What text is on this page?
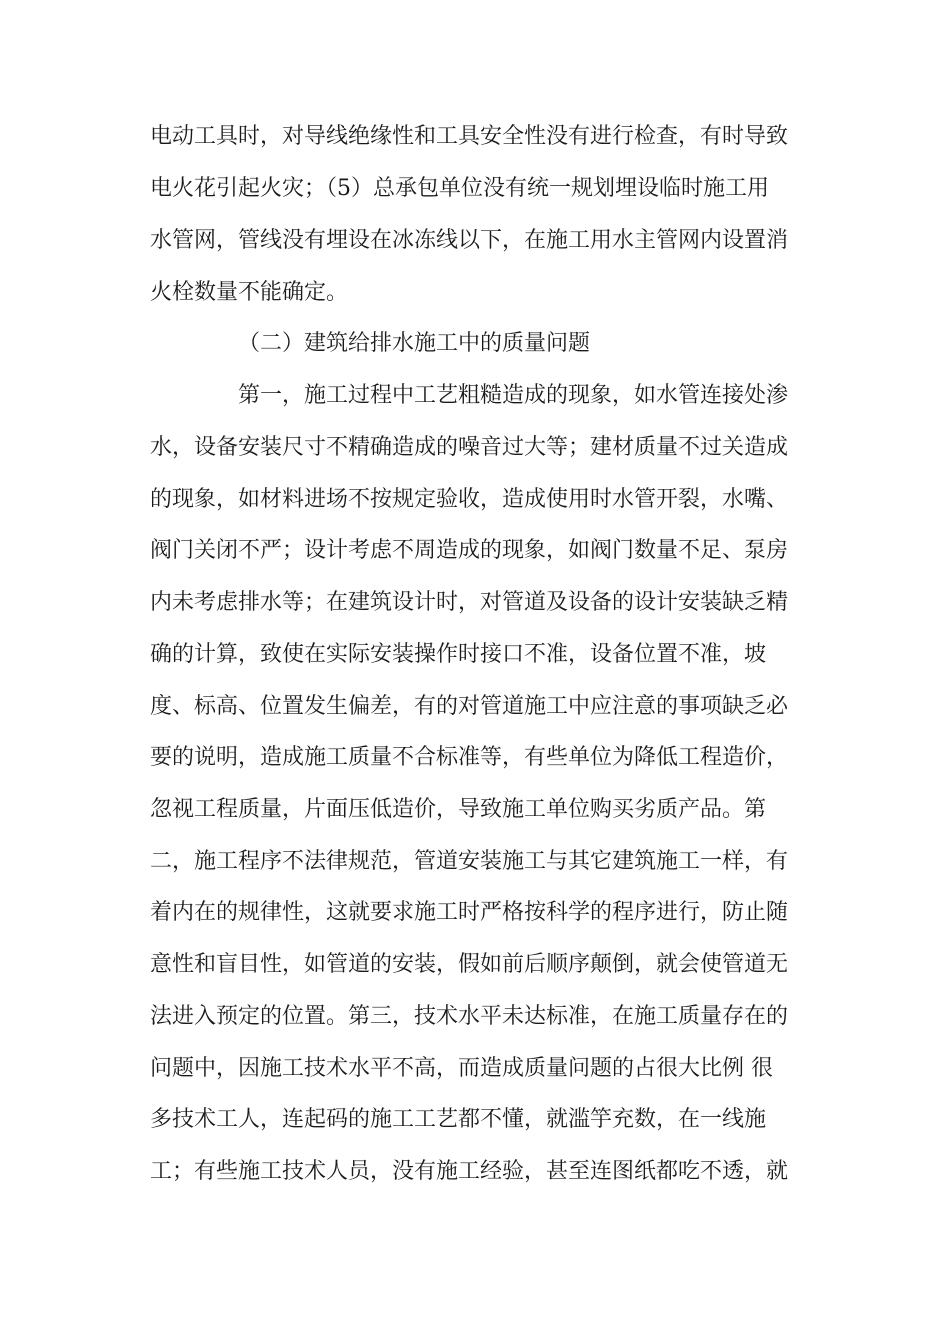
电动工具时，对导线绝缘性和工具安全性没有进行检查，有时导致
电火花引起火灾；（5）总承包单位没有统一规划埋设临时施工用
水管网，管线没有埋设在冰冻线以下，在施工用水主管网内设置消
火栓数量不能确定。
（二）建筑给排水施工中的质量问题
第一，施工过程中工艺粗糙造成的现象，如水管连接处渗
水，设备安装尺寸不精确造成的噪音过大等；建材质量不过关造成
的现象，如材料进场不按规定验收，造成使用时水管开裂，水嘴、
阀门关闭不严；设计考虑不周造成的现象，如阀门数量不足、泵房
内未考虑排水等；在建筑设计时，对管道及设备的设计安装缺乏精
确的计算，致使在实际安装操作时接口不准，设备位置不准，坡
度、标高、位置发生偏差，有的对管道施工中应注意的事项缺乏必
要的说明，造成施工质量不合标准等，有些单位为降低工程造价，
忽视工程质量，片面压低造价，导致施工单位购买劣质产品。第
二，施工程序不法律规范，管道安装施工与其它建筑施工一样，有
着内在的规律性，这就要求施工时严格按科学的程序进行，防止随
意性和盲目性，如管道的安装，假如前后顺序颠倒，就会使管道无
法进入预定的位置。第三，技术水平未达标准，在施工质量存在的
问题中，因施工技术水平不高，而造成质量问题的占很大比例 很
多技术工人，连起码的施工工艺都不懂，就滥竽充数，在一线施
工；有些施工技术人员，没有施工经验，甚至连图纸都吃不透，就
